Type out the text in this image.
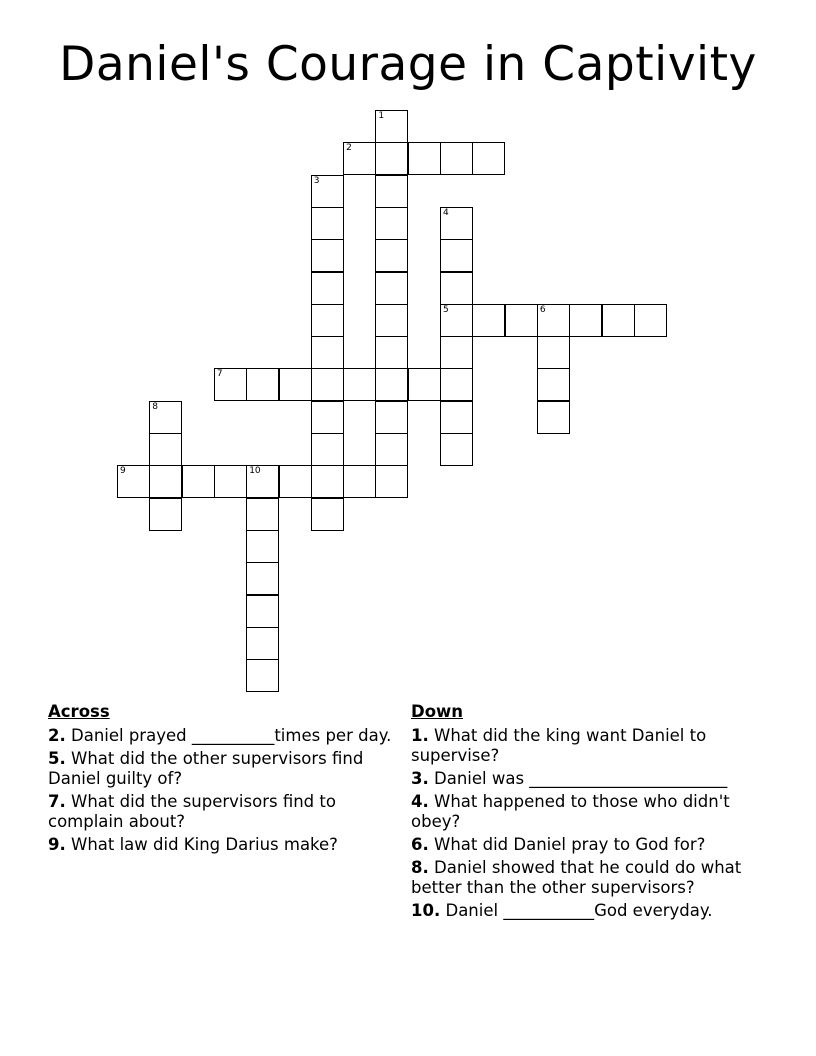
Daniel's Courage in Captivity
1
2
3
4
5	6
7
8
9	10
Across
2. Daniel prayed __________times per day.
5. What did the other supervisors find Daniel guilty of?
7. What did the supervisors find to complain about?
9. What law did King Darius make?
Down
1. What did the king want Daniel to supervise?
3. Daniel was ________________________
4. What happened to those who didn't obey?
6. What did Daniel pray to God for?
8. Daniel showed that he could do what better than the other supervisors?
10. Daniel ___________God everyday.
